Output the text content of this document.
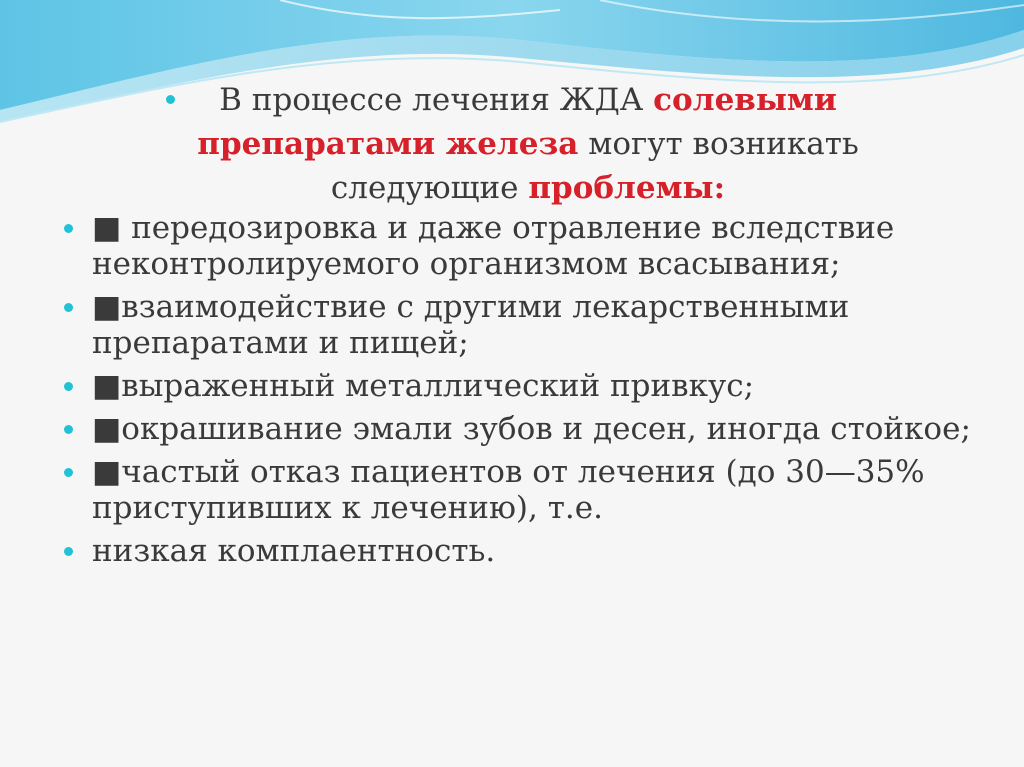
В процессе лечения ЖДА солевыми препаратами железа могут возникать следующие проблемы:
■ передозировка и даже отравление вследствие неконтролируемого организмом всасывания;
■взаимодействие с другими лекарственными препаратами и пищей;
■выраженный металлический привкус;
■окрашивание эмали зубов и десен, иногда стойкое;
■частый отказ пациентов от лечения (до 30—35% приступивших к лечению), т.е.
низкая комплаентность.
